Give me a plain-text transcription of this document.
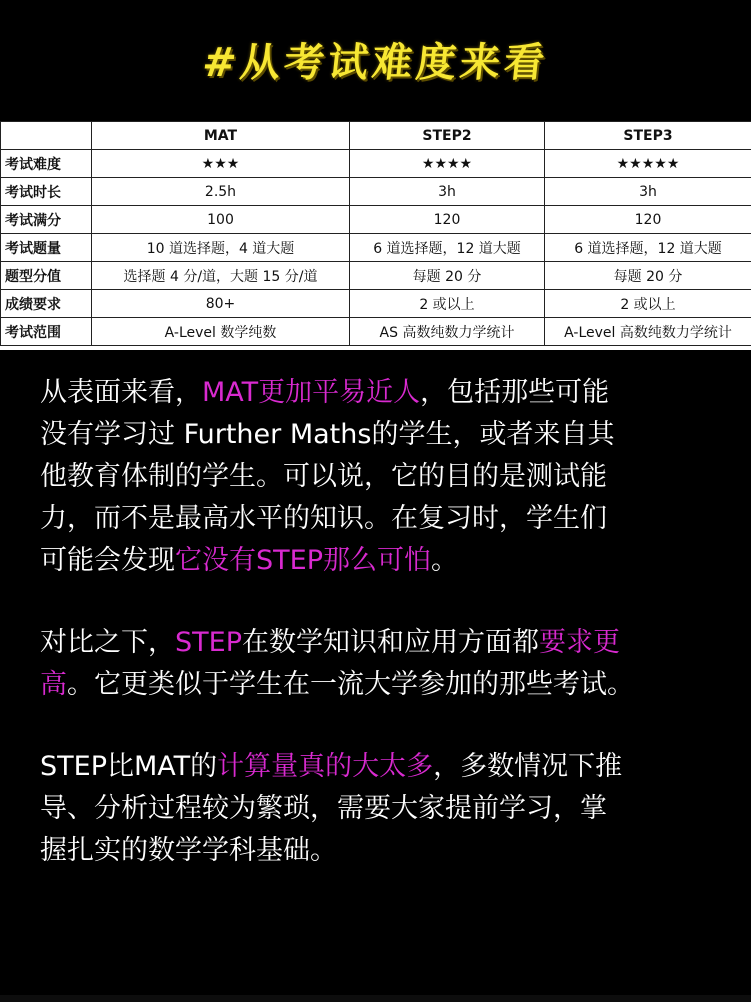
#从考试难度来看
	MAT	STEP2	STEP3
考试难度	★★★	★★★★	★★★★★
考试时长	2.5h	3h	3h
考试满分	100	120	120
考试题量	10 道选择题，4 道大题	6 道选择题，12 道大题	6 道选择题，12 道大题
题型分值	选择题 4 分/道，大题 15 分/道	每题 20 分	每题 20 分
成绩要求	80+	2 或以上	2 或以上
考试范围	A-Level 数学纯数	AS 高数纯数力学统计	A-Level 高数纯数力学统计
从表面来看，MAT更加平易近人，包括那些可能
没有学习过 Further Maths的学生，或者来自其
他教育体制的学生。可以说，它的目的是测试能
力，而不是最高水平的知识。在复习时，学生们
可能会发现它没有STEP那么可怕。
对比之下，STEP在数学知识和应用方面都要求更
高。它更类似于学生在一流大学参加的那些考试。
STEP比MAT的计算量真的大太多，多数情况下推
导、分析过程较为繁琐，需要大家提前学习，掌
握扎实的数学学科基础。
